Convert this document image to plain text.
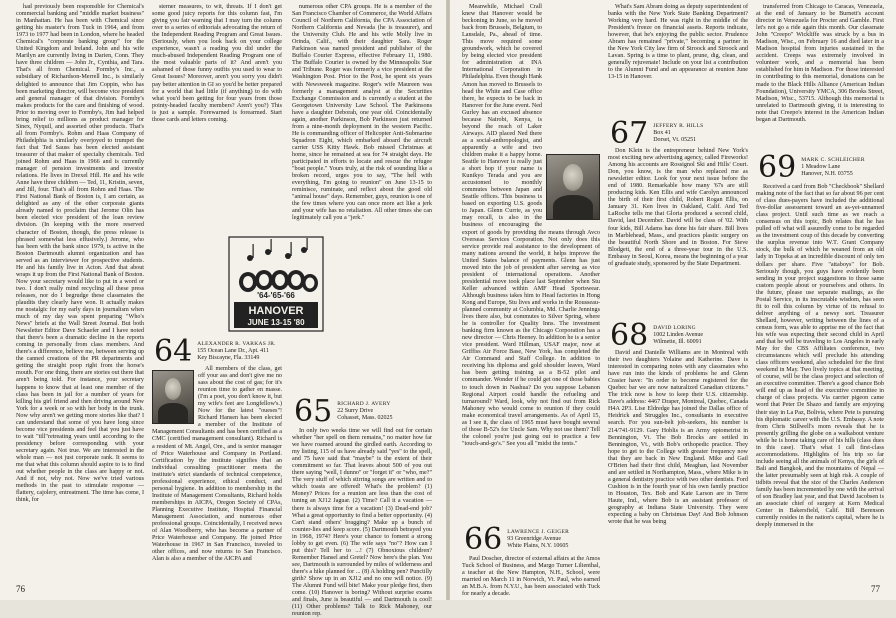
had previously been responsible for Chemical's commercial banking and "middle market business" in Manhattan. He has been with Chemical since getting his master's from Tuck in 1964, and from 1973 to 1977 had been in London, where he headed Chemical's "corporate banking group" for the United Kingdom and Ireland. John and his wife Marilyn are currently living in Darien, Conn. They have three children — John Jr., Cynthia, and Tara. That's all from Chemical. Formby's Inc., a subsidiary of Richardson-Merrell Inc., is similarly delighted to announce that Jim Coppin, who has been marketing director, will become vice president and general manager of that division. Formby's makes products for the care and finishing of wood. Prior to moving over to Formby's, Jim had helped bring relief to millions as product manager for Sinex, Nyquil, and assorted other products. That's all from Formby's. Rohm and Haas Company of Philadelphia is similarly overjoyed to trumpet the fact that Ted Sauss has been elected assistant treasurer of that maker of specialty chemicals. Ted joined Rohm and Haas in 1966 and is currently manager of pension investments and investor relations. He lives in Drexel Hill. He and his wife Anne have three children — Ted, 11, Kristin, seven, and Jill, four. That's all from Rohm and Haas. The First National Bank of Boston is, I am certain, as delighted as any of the other corporate giants already named to proclaim that Jerome Olin has been elected vice president of the loan review division. (In keeping with the more reserved character of Boston, though, the press release is phrased somewhat less effusively.) Jerome, who has been with the bank since 1979, is active in the Boston Dartmouth alumni organization and has served as an interviewer for prospective students. He and his family live in Acton. And that about wraps it up from the First National Bank of Boston. Now your secretary would like to put in a word or two. I don't really mind recycling all these press releases, nor do I begrudge these classmates the plaudits they clearly have won. It actually makes me nostalgic for my early days in journalism when much of my day was spent preparing "Who's News" briefs at the Wall Street Journal. But both Newsletter Editor Dave Schaefer and I have noted that there's been a dramatic decline in the reports coming in personally from class members. And there's a difference, believe me, between serving up the canned creations of the PR departments and getting the straight poop right from the horse's mouth. For one thing, there are stories out there that aren't being told. For instance, your secretary happens to know that at least one member of the class has been in jail for a number of years for killing his girl friend and then driving around New York for a week or so with her body in the trunk. Now why aren't we getting more stories like that? I can understand that some of you have long since become vice presidents and feel that you just have to wait "till"retreating years until according to the presidency before corresponding with your secretary again. Not true. We are interested in the whole man — not just corporate rank. It seems to me that what this column should aspire to is to find out whether people in the class are happy or not. And if not, why not. Now we've tried various methods in the past to stimulate response — flattery, cajolery, entreatment. The time has come, I think, for

sterner measures, to wit, threats. If I don't get some good juicy reports for this column fast, I'm giving you fair warning that I may turn the column over to a series of editorials advocating the return of the Independent Reading Program and Great Issues. (Seriously, when you look back on your college experience, wasn't a reading you did under the much-abused Independent Reading Program one of the most valuable parts of it? And aren't you ashamed of those funny outfits you used to wear to Great Issues? Moreover, aren't you sorry you didn't pay better attention in GI so you'd be better prepared for a world that had little (if anything) to do with what you'd been getting for four years from those pointy-headed faculty members? Aren't you?) This is just a sample. Forewarned is forearmed. Start those cards and letters coming.

'64-'65-'66
HANOVER
JUNE 13-15 '80
64 ALEXANDER R. VARKAS JR.
155 Ocean Lane Dr., Apt. 411
Key Biscayne, Fla. 33149

All members of the class, get off your ass and don't give me no sass about the cost of gas; for it's reunion time to gather en masse. (I'm a poet, you don't know it, but my wife's feet are Longfellow's.) Now for the latest "oueses"! Richard Hansen has been elected a member of the Institute of Management Consultants and has been certified as a CMC (certified management consultant). Richard is a resident of Mt. Angel, Ore., and is senior manager of Price Waterhouse and Company in Portland. Certification by the institute signifies that an individual consulting practitioner meets the institute's strict standards of technical competence, professional experience, ethical conduct, and personal hygiene. In addition to membership in the Institute of Management Consultants, Richard holds memberships in AICPA, Oregon Society of CPAs, Planning Executive Institute, Hospital Financial Management Association, and numerous other professional groups. Coincidentally, I received news of Alan Woodberry, who has become a partner of Price Waterhouse and Company. He joined Price Waterhouse in 1967 in San Francisco, traveled to other offices, and now returns to San Francisco. Alan is also a member of the AICPA and

numerous other CPA groups. He is a member of the San Francisco Chamber of Commerce, the World Affairs Council of Northern California, the CPA Association of Northern California and Nevada (he is treasurer), and the University Club. He and his wife Molly live in Orinda, Calif., with their daughter Sara. Roger Parkinson was named president and publisher of the Buffalo Courier Express, effective February 11, 1980. The Buffalo Courier is owned by the Minneapolis Star and Tribune. Roger was formerly a vice president at the Washington Post. Prior to the Post, he spent six years with Newsweek magazine. Roger's wife Maureen was formerly a management analyst at the Securities Exchange Commission and is currently a student at the Georgetown University Law School. The Parkinsons have a daughter Deborah, one year old. Coincidentally again, another Parkinson, Bob Parkinson just returned from a nine-month deployment in the western Pacific. He is commanding officer of Helicopter Anti-Submarine Squadron Eight, which embarked aboard the aircraft carrier USS Kitty Hawk. Bob missed Christmas at home, since he remained at sea for 74 straight days. He participated in efforts to locate and rescue the refugee "boat people." Yours truly, at the risk of sounding like a broken record, urges you to say, "The hell with everything, I'm going to reunion" on June 13-15 to reminisce, ruminate, and reflect about the good old "animal house" days. Remember, guys, reunion is one of the few times where you can once more act like a jerk and your wife has no retaliation. All other times she can legitimately call you a "jerk."

65 RICHARD J. AVERY
22 Surry Drive
Cohasset, Mass. 02025

In only two weeks time we will find out for certain whether "her spell on them remains," no matter how far we have roamed around the girdled earth. According to my listing, 115 of us have already said "yes" to the spell, and 75 have said that "maybe" is the extent of their commitment so far. That leaves about 500 of you out there saying "well, I dunno" or "forget it" or "who, me?" The very stuff of which stirring songs are written and to which toasts are offered! What's the problem? (1) Money? Prices for a reunion are less than the cost of tuning an XJ12 Jaguar. (2) Time? Call it a vacation — there is always time for a vacation! (3) Dead-end job? What a great opportunity to find a better opportunity. (4) Can't stand others' bragging? Make up a bunch of counter-lies and keep score. (5) Dartmouth betrayed you in 1968, 1974? Here's your chance to foment a strong lobby to get even. (6) The wife says "no"? How can I put this? Tell her to ...! (7) Obnoxious children? Remember Hansel and Gretel? Now here's the plan. You see, Dartmouth is surrounded by miles of wilderness and there's a hike planned for ... (8) A holding pen? Punctilly girth? Show up in an XJ12 and no one will notice. (9) The Alumni Fund will bite! Make your pledge first, then come. (10) Hanover is boring? Without surprise exams and finals, June is beautiful — and Dartmouth is cool! (11) Other problems? Talk to Rick Mahoney, our reunion rep.

76

Meanwhile, Michael Crall knew that Hanover would be beckoning in June, so he moved back from Brussels, Belgium, to Lansdale, Pa., ahead of time. This move required some groundwork, which he covered by being elected vice president for administration at INA International Corporation in Philadelphia. Even though Hank Amon has moved to Brussels to head the White and Case office there, he expects to be back in Hanover for the June event. Ned Gurley has an excused absence because Nairobi, Kenya, is beyond the reach of Laker Airways. AID placed Ned there as a social-anthropologist, and apparently a wife and two children make it a happy home. Seattle to Hanover is really just a short hop if your name is Kunikyo Terada and you are accustomed to monthly commutes between Japan and Seattle offices. This business is based on exporting U.S. goods to Japan. Glenn Currie, as you may recall, is also in the business of encouraging the export of goods by providing the means through Avco Overseas Services Corporation. Not only does this service provide real assistance to the development of many nations around the world, it helps improve the United States balance of payments. Glenn has just moved into the job of president after serving as vice president of international operations. Another presidential move took place last September when Stu Keller advanced within AMF Head Sportswear. Although business takes him to Head factories in Hong Kong and Europe, Stu lives and works in the Rousseau-planned community at Columbia, Md. Charlie Jennings lives there also, but commutes to Silver Spring, where he is controller for Quality Inns. The investment banking firm known as the Chicago Corporation has a new director — Chris Heeney. In addition he is a senior vice president. Ward Hillman, USAF major, now at Griffiss Air Force Base, New York, has completed the Air Command and Staff College. In addition to receiving his diploma and gold shoulder leaves, Ward has been getting training as a B-52 pilot and commander. Wonder if he could get one of those babies to touch down in Nashua? Do you suppose Lebanon Regional Airport could handle the refueling and turnaround? Ward, look, why not find out from Rick Mahoney who would come to reunion if they could make economical travel arrangements. As of April 15, as I see it, the class of 1965 must have bought several of those B-52's for Uncle Sam. Why not use them? Tell the colonel you're just going out to practice a few "touch-and-go's." See you all "midst the tents."

66 LAWRENCE J. GEIGER
93 Greenridge Avenue
White Plains, N.Y. 10605

Paul Doscher, director of external affairs at the Amos Tuck School of Business, and Margo Turner Lilienthal, a teacher at the New Hampton, N.H., School, were married on March 11 in Norwich, Vt. Paul, who earned an M.B.A. from N.Y.U., has been associated with Tuck for nearly a decade.

What's Sam Abram doing as deputy superintendent of banks with the New York State Banking Department? Working very hard. He was right in the middle of the President's freeze on financial assets. Reports indicate, however, that he's enjoying the public sector. Prudence Abram has remained "private," becoming a partner in the New York City law firm of Stroock and Stroock and Lavan. Spring is a time to plant, prune, dig, clean, and generally rejuvenate! Include on your list a contribution to the Alumni Fund and an appearance at reunion June 13-15 in Hanover.

67 JEFFERY R. HILLS
Box 41
Dorset, Vt. 05251

Don Klein is the entrepreneur behind New York's most exciting new advertising agency, called Fireworks! Among his accounts are Rossignol Ski and Hills' Court. Don, you know, is the man who replaced me as newsletter editor. Look for your next issue before the end of 1980. Remarkable how many '67s are still producing kids. Ken Ellis and wife Carolyn announced the birth of their first child, Robert Rogan Ellis, on January 31. Ken lives in Oakland, Calif. And Ted LaRoche tells me that Gloria produced a second child, David, last December. David will be class of '02. With four kids, Bill Adams has done his fair share. Bill lives in Marblehead, Mass., and practices plastic surgery on the beautiful North Shore and in Boston. For Steve Blodgett, the end of a three-year tour in the U.S. Embassy in Seoul, Korea, means the beginning of a year of graduate study, sponsored by the State Department.

68 DAVID LORING
1002 Linden Avenue
Wilmette, Ill. 60091

David and Danielle Williams are in Montreal with their two daughters Yolaine and Katherine. Dave is interested in comparing notes with any classmates who have run into the kinds of problems he and Glenn Crasier have: "In order to become registered for the Quebec bar we are now naturalized Canadian citizens." The trick now is how to keep their U.S. citizenship. Dave's address: 4467 Draper, Montreal, Quebec, Canada H4A 2P3. Lise Eldredge has joined the Dallas office of Heidrick and Struggles Inc., consultants in executive search. For you sun-belt job-seekers, his number is 214/741-9129. Gary Hoblis is an Army optometrist in Bennington, Vt. The Bob Brocks are settled in Bennington, Vt., with Bob's orthopedic practice. They hope to get to the College with greater frequency now that they are back in New England. Mike and Gail O'Brien had their first child, Meaghan, last November and are settled in Northampton, Mass., where Mike is in a general dentistry practice with two other dentists. Ford Cushion is in the fourth year of his own family practice in Houston, Tex. Bob and Kate Larson are in Terre Haute, Ind., where Bob is an assistant professor of geography at Indiana State University. They were expecting a baby on Christmas Day! And Bob Johnson wrote that he was being

transferred from Chicago to Caracas, Venezuela, at the end of January to be Burnett's account director in Venezuela for Procter and Gamble. First let's not go a ride again this month. Our classmate John "Creepo" Wickliffe was struck by a bus in Madison, Wisc., on February 16 and died later in a Madison hospital from injuries sustained in the accident. Creeps was extremely involved in volunteer work, and a memorial has been established for him in Madison. For those interested in contributing to this memorial, donations can be made to the Black Hills Alliance (American Indian Foundation), University YMCA, 306 Brooks Street, Madison, Wisc., 53715. Although this memorial is unrelated to Dartmouth giving, it is interesting to note that Creepo's interest in the American Indian began at Dartmouth.

69 MARK C. SCHLEICHER
1 Meadow Lane
Hanover, N.H. 03755

Received a card from Bob "Checkbook" Shellard making note of the fact that so far about 96 per cent of class dues-payers have included the additional five-dollar assessment toward an as-yet-unnamed class project. Until such time as we reach a consensus on this topic, Bob relates that he has pulled off what will assuredly come to be regarded as the investment coup of this decade by converting the surplus revenue into W.T. Grant Company stock, the bulk of which he weaned from an old lady in Topeka at an incredible discount of only ten dollars per share. Five "attaboys" for Bob. Seriously though, you guys have evidently been sending in your project suggestions to those same custom people about or yourselves and others. In the future, please use separate mailings, as the Postal Service, in its inscrutable wisdom, has seen fit to roll this column by virtue of its refusal to deliver anything of a newsy sort. Treasurer Shellard, however, writing between the lines of a census form, was able to apprise me of the fact that his wife was expecting their second child in April and that he will be traveling to Los Angeles in early May for the CBS Affiliates conference, two circumstances which will preclude his attending class officers weekend, also scheduled for the first weekend in May. Two lively topics at that meeting, of course, will be the class project and selection of an executive committee. There's a good chance Bob will end up as head of the executive committee in charge of class projects. Via carrier pigeon came word that Peter De Shazo and family are enjoying their stay in La Paz, Bolivia, where Pete is pursuing his diplomatic career with the U.S. Embassy. A note from Chris Stillwell's mom reveals that he is presently grilling the globe on a walkabout venture while he is home taking care of his hills (class dues in this case). That's what I call first-class accommodations. Highlights of his trip so far include seeing all the animals of Kenya, the girls of Bali and Bangkok, and the mountains of Nepal — the latter presumably seen at high risk. A couple of tidbits reveal that the size of the Charles Anderson family has been incremented by one with the arrival of son Bradley last year, and that David Jacobsen is an associate chief of surgery at Kern Medical Center in Bakersfield, Calif. Bill Berenson currently resides in the nation's capital, where he is deeply immersed in the

77
